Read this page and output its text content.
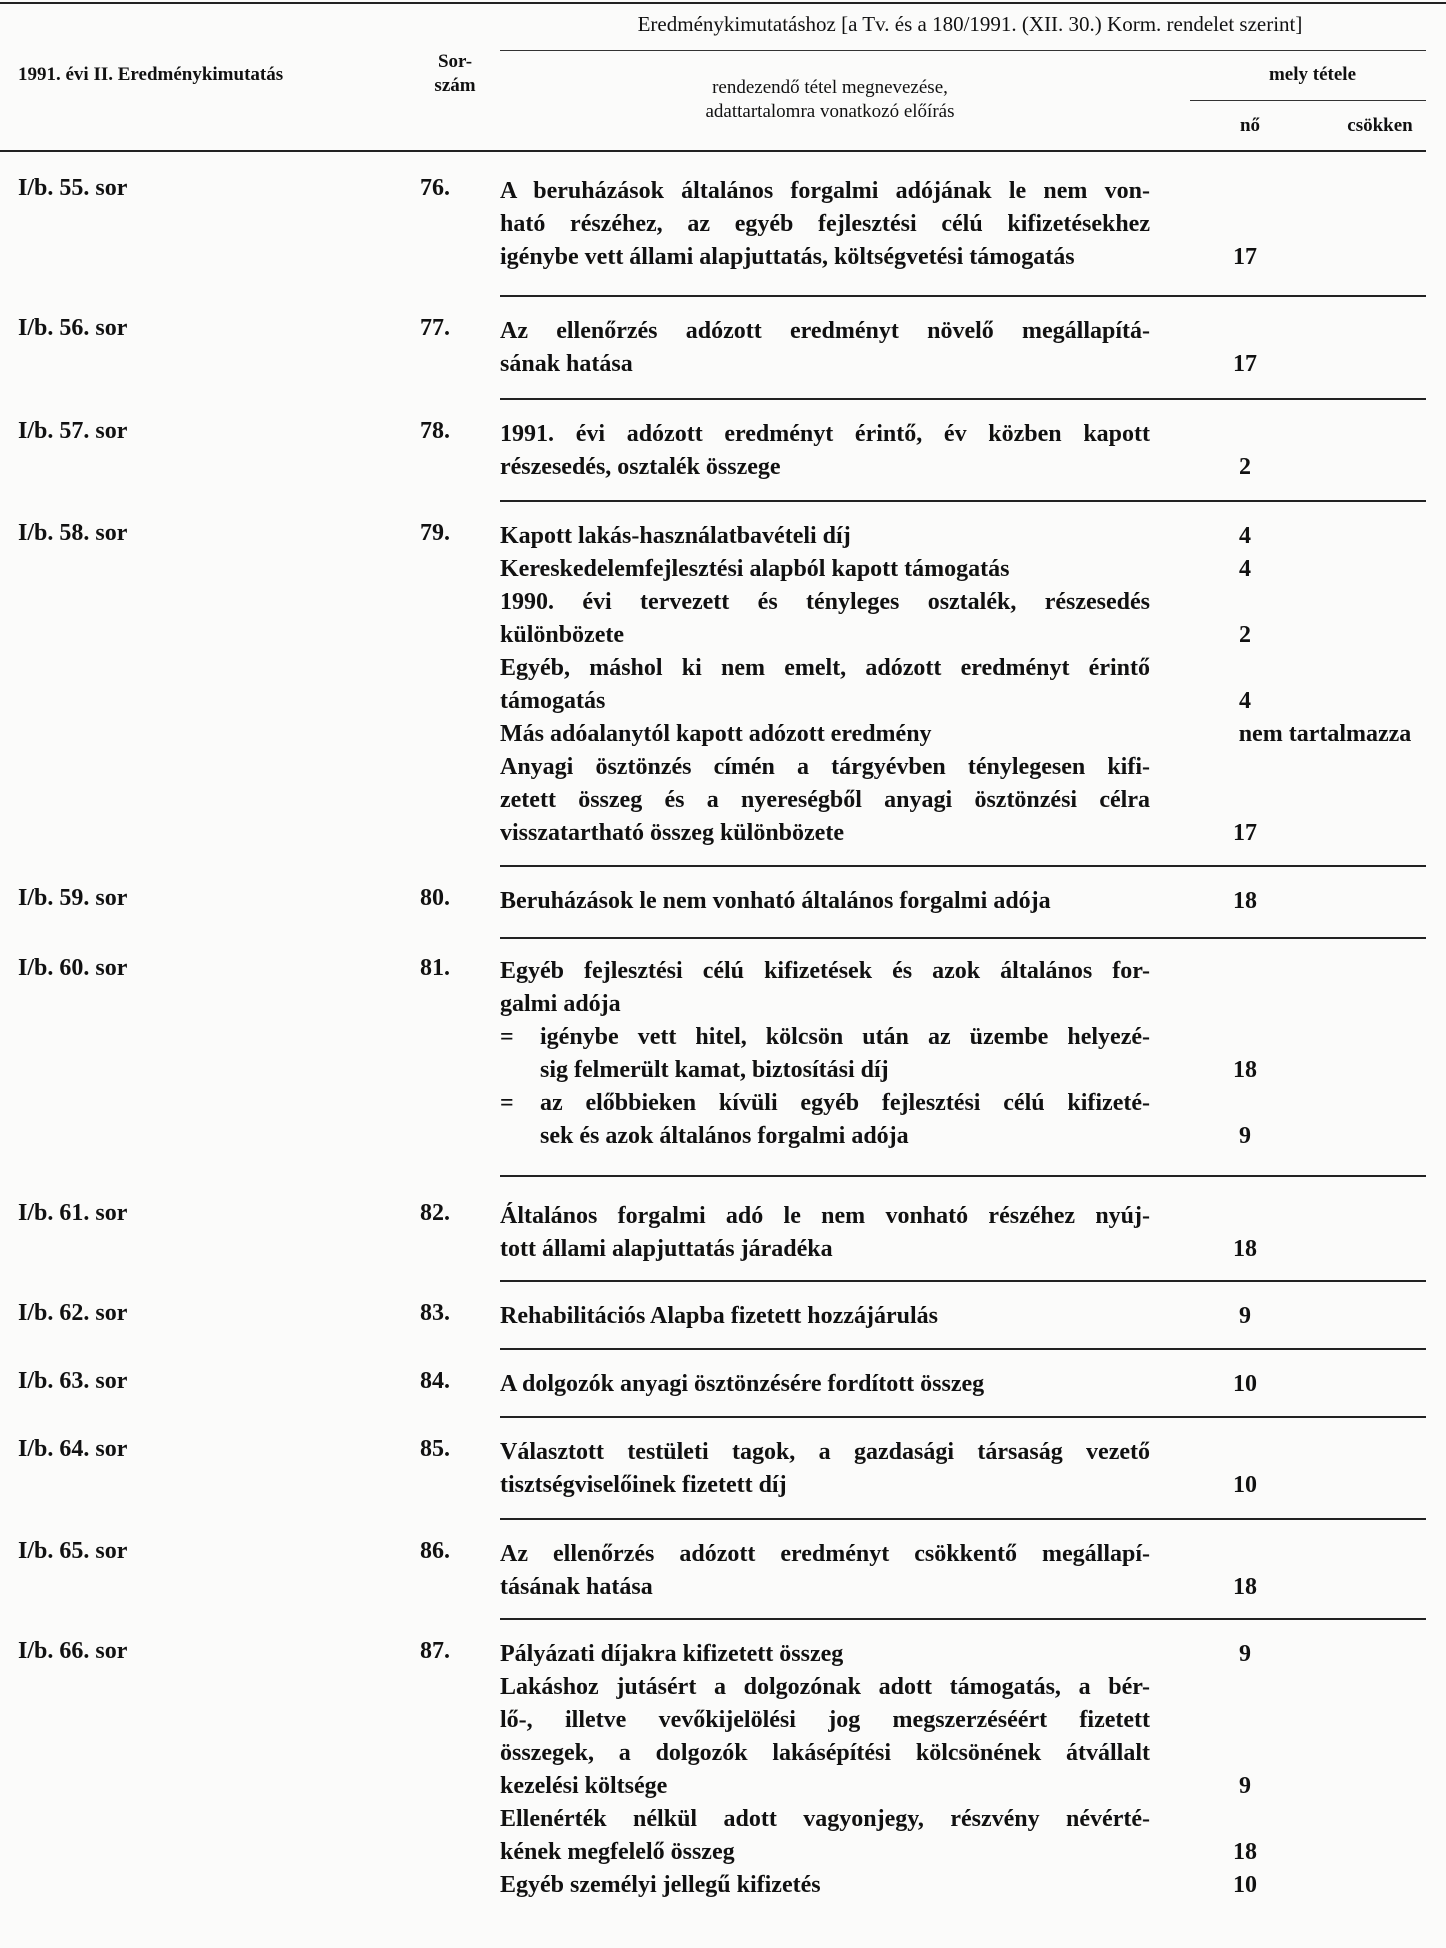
Eredménykimutatáshoz [a Tv. és a 180/1991. (XII. 30.) Korm. rendelet szerint]
1991. évi II. Eredménykimutatás
Sor-
szám	rendezendő tétel megnevezése,
adattartalomra vonatkozó előírás
mely tétele
nő	csökken
I/b. 55. sor	76. A beruházások általános forgalmi adójának le nem von-
ható részéhez, az egyéb fejlesztési célú kifizetésekhez
igénybe vett állami alapjuttatás, költségvetési támogatás	17
I/b. 56. sor	77. Az ellenőrzés adózott eredményt növelő megállapítá-
sának hatása	17
I/b. 57. sor	78. 1991. évi adózott eredményt érintő, év közben kapott
részesedés, osztalék összege	2
I/b. 58. sor	79. Kapott lakás-használatbavételi díj	4
Kereskedelemfejlesztési alapból kapott támogatás	4
1990. évi tervezett és tényleges osztalék, részesedés
különbözete	2
Egyéb, máshol ki nem emelt, adózott eredményt érintő
támogatás	4
Más adóalanytól kapott adózott eredmény	nem tartalmazza
Anyagi ösztönzés címén a tárgyévben ténylegesen kifi-
zetett összeg és a nyereségből anyagi ösztönzési célra
visszatartható összeg különbözete	17
I/b. 59. sor	80. Beruházások le nem vonható általános forgalmi adója	18
I/b. 60. sor	81. Egyéb fejlesztési célú kifizetések és azok általános for-
galmi adója
=	igénybe vett hitel, kölcsön után az üzembe helyezé-
sig felmerült kamat, biztosítási díj	18
=	az előbbieken kívüli egyéb fejlesztési célú kifizeté-
sek és azok általános forgalmi adója	9
I/b. 61. sor	82. Általános forgalmi adó le nem vonható részéhez nyúj-
tott állami alapjuttatás járadéka	18
I/b. 62. sor	83. Rehabilitációs Alapba fizetett hozzájárulás	9
I/b. 63. sor	84. A dolgozók anyagi ösztönzésére fordított összeg	10
I/b. 64. sor	85. Választott testületi tagok, a gazdasági társaság vezető
tisztségviselőinek fizetett díj	10
I/b. 65. sor	86. Az ellenőrzés adózott eredményt csökkentő megállapí-
tásának hatása	18
I/b. 66. sor	87. Pályázati díjakra kifizetett összeg	9
Lakáshoz jutásért a dolgozónak adott támogatás, a bér-
lő-, illetve vevőkijelölési jog megszerzéséért fizetett
összegek, a dolgozók lakásépítési kölcsönének átvállalt
kezelési költsége	9
Ellenérték nélkül adott vagyonjegy, részvény névérté-
kének megfelelő összeg	18
Egyéb személyi jellegű kifizetés	10
